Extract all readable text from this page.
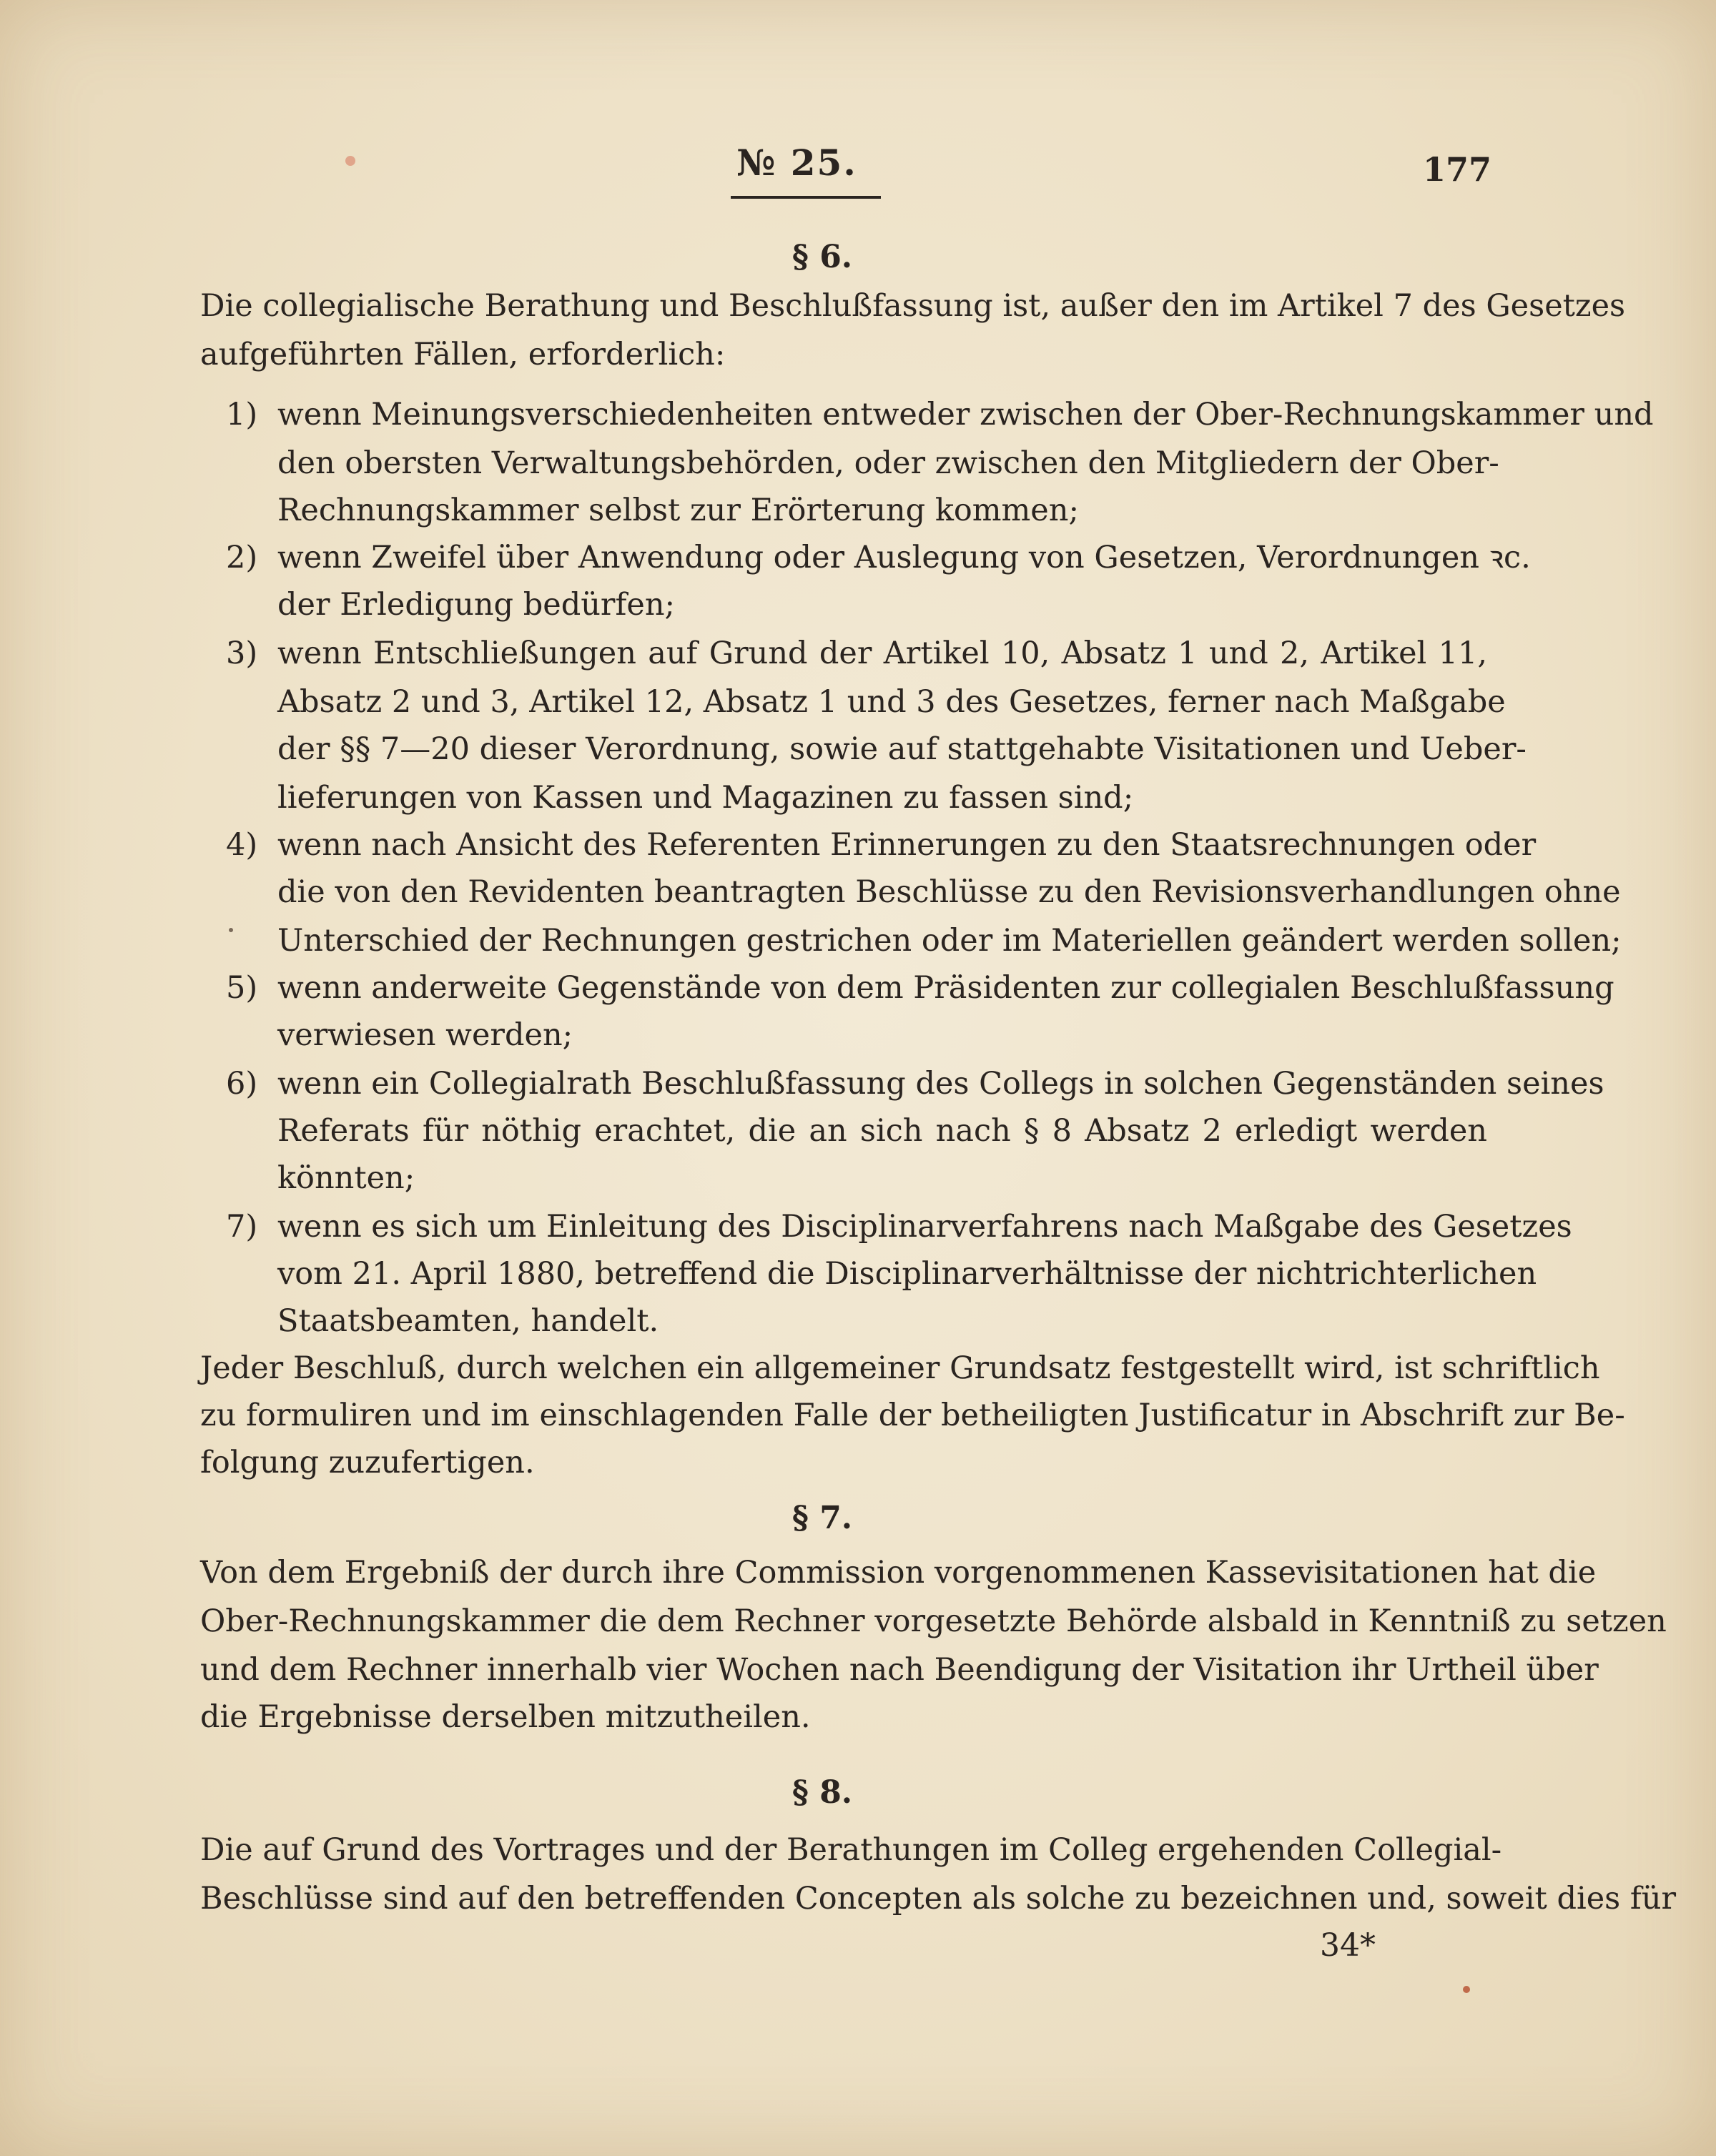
№ 25.	177
§ 6.
Die collegialische Berathung und Beschlußfassung ist, außer den im Artikel 7 des Gesetzes
aufgeführten Fällen, erforderlich:
1) wenn Meinungsverschiedenheiten entweder zwischen der Ober-Rechnungskammer und
den obersten Verwaltungsbehörden, oder zwischen den Mitgliedern der Ober-
Rechnungskammer selbst zur Erörterung kommen;
2) wenn Zweifel über Anwendung oder Auslegung von Gesetzen, Verordnungen ꝛc.
der Erledigung bedürfen;
3) wenn Entschließungen auf Grund der Artikel 10, Absatz 1 und 2, Artikel 11,
Absatz 2 und 3, Artikel 12, Absatz 1 und 3 des Gesetzes, ferner nach Maßgabe
der §§ 7—20 dieser Verordnung, sowie auf stattgehabte Visitationen und Ueber-
lieferungen von Kassen und Magazinen zu fassen sind;
4) wenn nach Ansicht des Referenten Erinnerungen zu den Staatsrechnungen oder
die von den Revidenten beantragten Beschlüsse zu den Revisionsverhandlungen ohne
Unterschied der Rechnungen gestrichen oder im Materiellen geändert werden sollen;
5) wenn anderweite Gegenstände von dem Präsidenten zur collegialen Beschlußfassung
verwiesen werden;
6) wenn ein Collegialrath Beschlußfassung des Collegs in solchen Gegenständen seines
Referats für nöthig erachtet, die an sich nach § 8 Absatz 2 erledigt werden
könnten;
7) wenn es sich um Einleitung des Disciplinarverfahrens nach Maßgabe des Gesetzes
vom 21. April 1880, betreffend die Disciplinarverhältnisse der nichtrichterlichen
Staatsbeamten, handelt.
Jeder Beschluß, durch welchen ein allgemeiner Grundsatz festgestellt wird, ist schriftlich
zu formuliren und im einschlagenden Falle der betheiligten Justificatur in Abschrift zur Be-
folgung zuzufertigen.
§ 7.
Von dem Ergebniß der durch ihre Commission vorgenommenen Kassevisitationen hat die
Ober-Rechnungskammer die dem Rechner vorgesetzte Behörde alsbald in Kenntniß zu setzen
und dem Rechner innerhalb vier Wochen nach Beendigung der Visitation ihr Urtheil über
die Ergebnisse derselben mitzutheilen.
§ 8.
Die auf Grund des Vortrages und der Berathungen im Colleg ergehenden Collegial-
Beschlüsse sind auf den betreffenden Concepten als solche zu bezeichnen und, soweit dies für
34*
